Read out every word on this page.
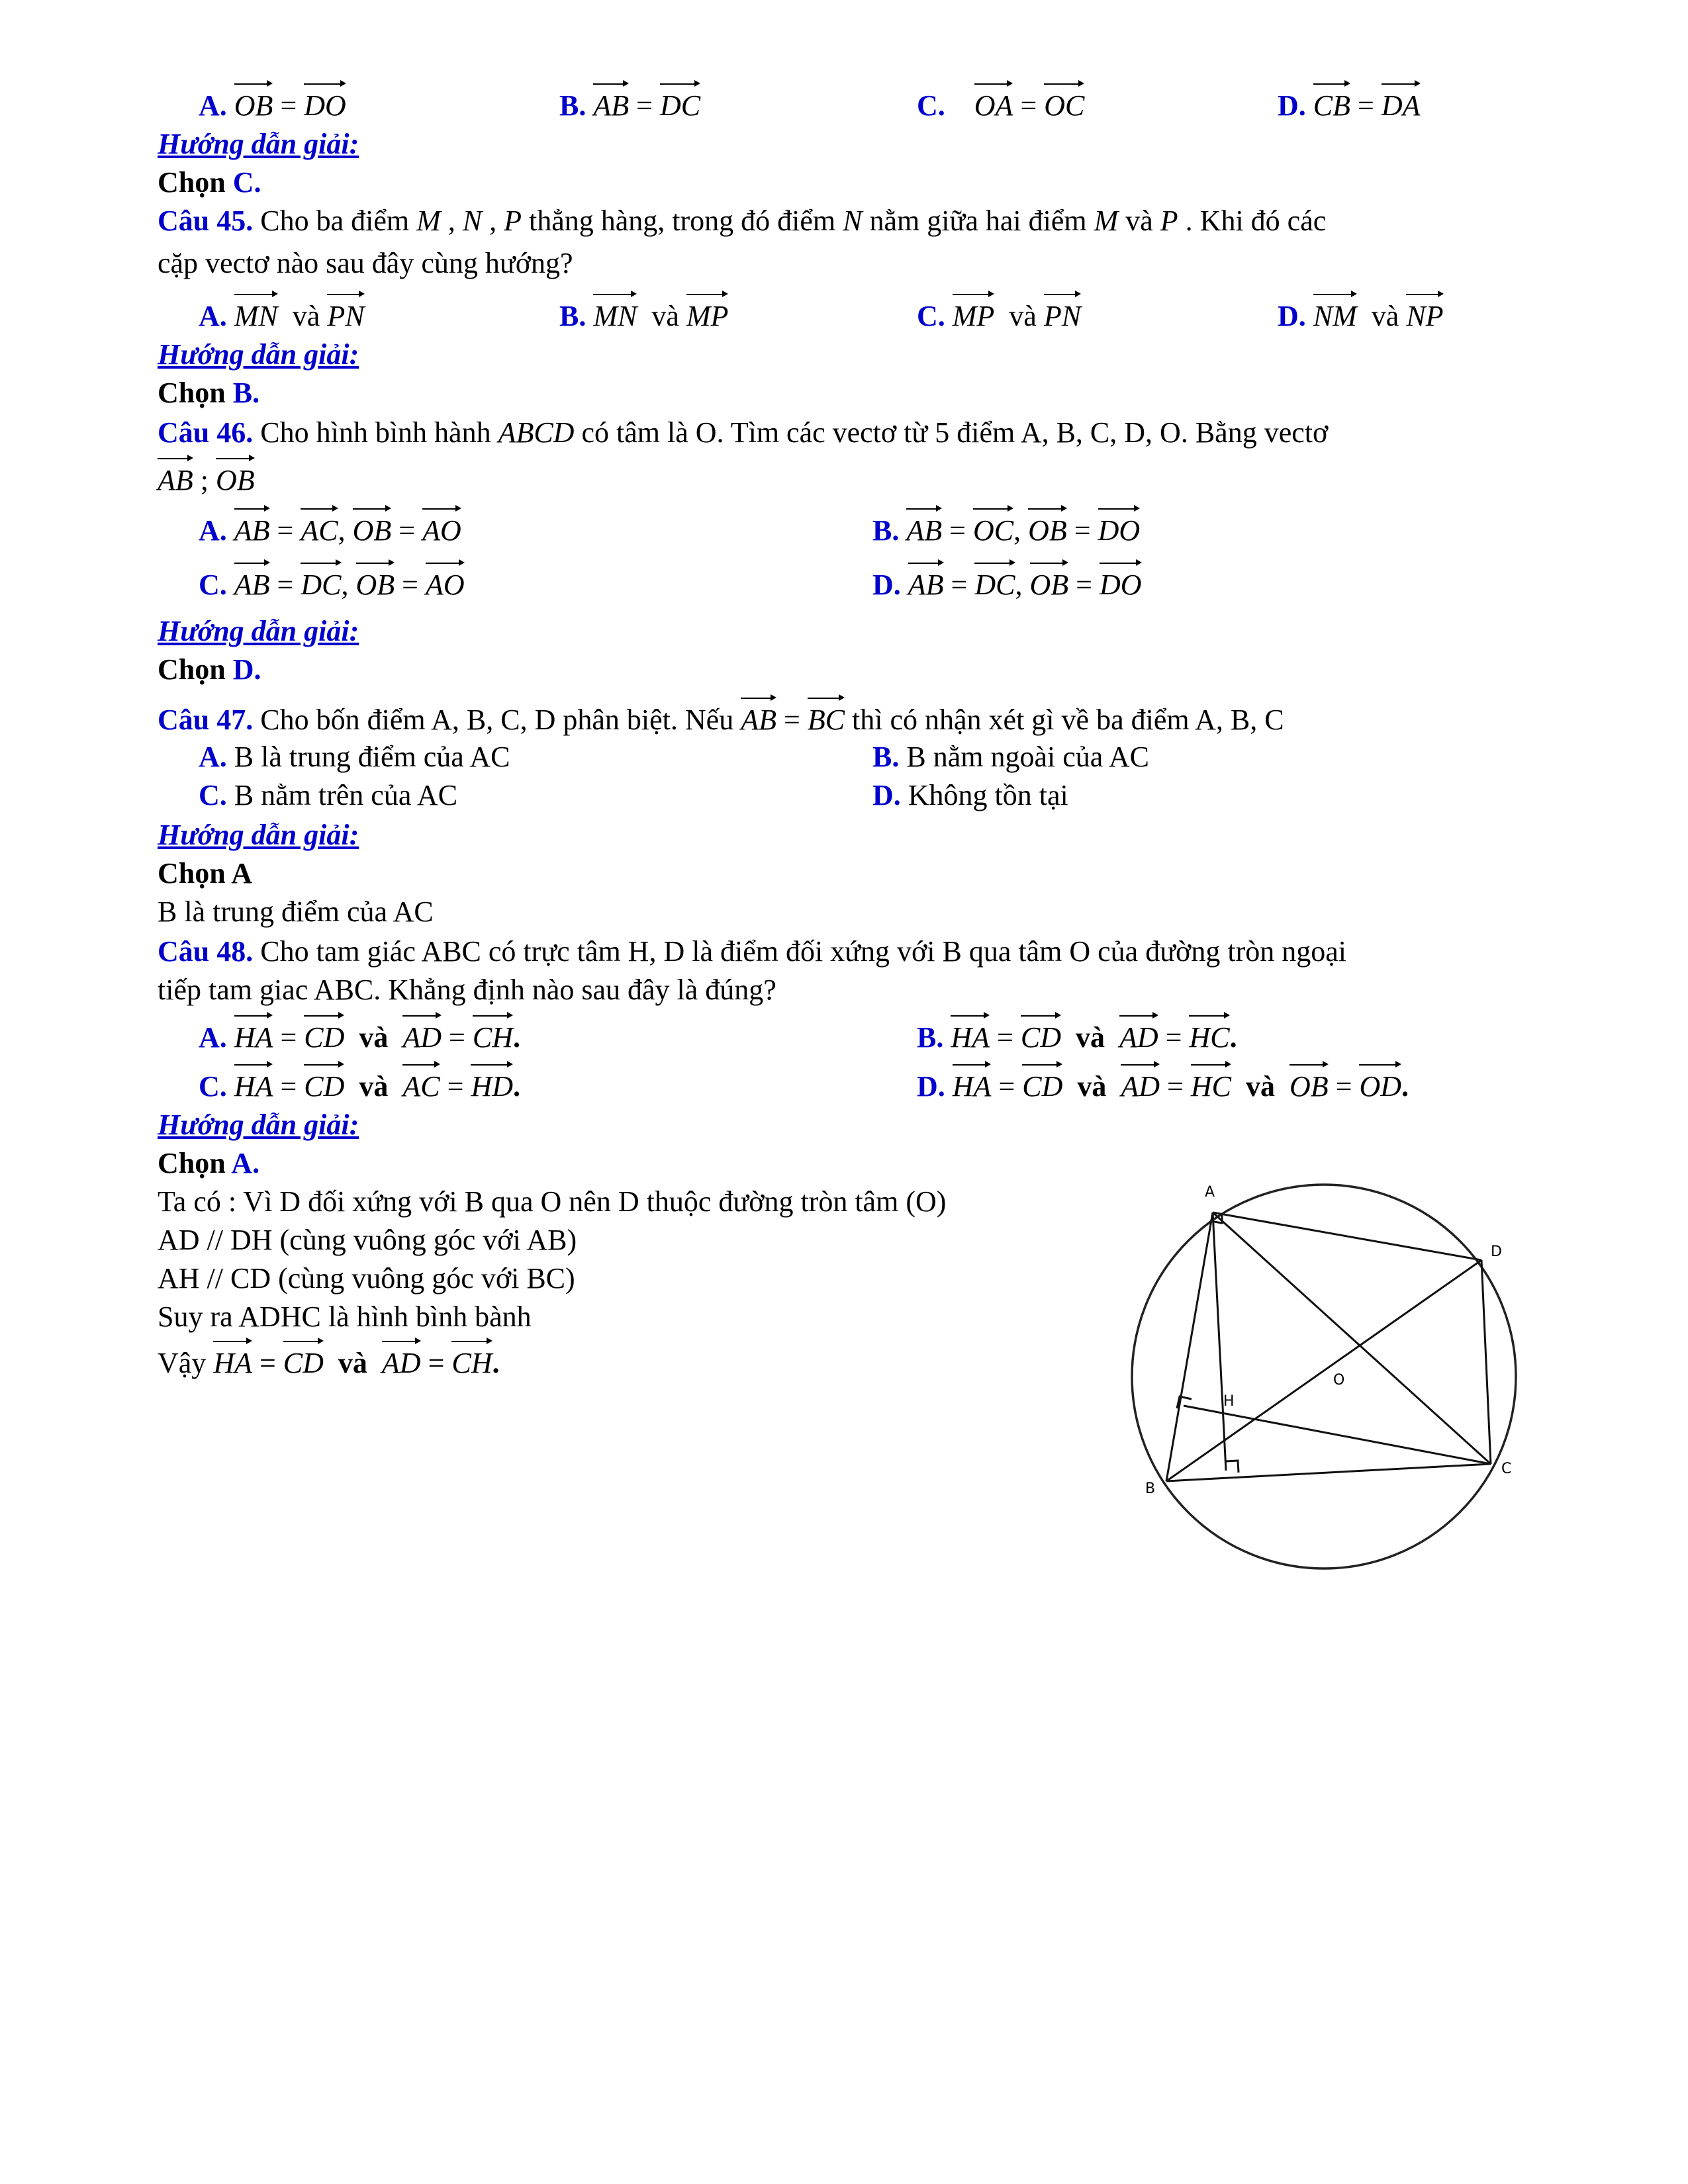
A. OB = DO	B. AB = DC	C. OA = OC	D. CB = DA
Hướng dẫn giải:
Chọn C.
Câu 45. Cho ba điểm M , N , P thẳng hàng, trong đó điểm N nằm giữa hai điểm M và P . Khi đó các
cặp vectơ nào sau đây cùng hướng?
A. MN và PN	B. MN và MP	C. MP và PN	D. NM và NP
Hướng dẫn giải:
Chọn B.
Câu 46. Cho hình bình hành ABCD có tâm là O. Tìm các vectơ từ 5 điểm A, B, C, D, O. Bằng vectơ
AB ; OB
A. AB = AC, OB = AO	B. AB = OC, OB = DO
C. AB = DC, OB = AO	D. AB = DC, OB = DO
Hướng dẫn giải:
Chọn D.
Câu 47. Cho bốn điểm A, B, C, D phân biệt. Nếu AB = BC thì có nhận xét gì về ba điểm A, B, C
A. B là trung điểm của AC	B. B nằm ngoài của AC
C. B nằm trên của AC	D. Không tồn tại
Hướng dẫn giải:
Chọn A
B là trung điểm của AC
Câu 48. Cho tam giác ABC có trực tâm H, D là điểm đối xứng với B qua tâm O của đường tròn ngoại
tiếp tam giac ABC. Khẳng định nào sau đây là đúng?
A. HA = CD và AD = CH.	B. HA = CD và AD = HC.
C. HA = CD và AC = HD.	D. HA = CD và AD = HC và OB = OD.
Hướng dẫn giải:
Chọn A.
Ta có : Vì D đối xứng với B qua O nên D thuộc đường tròn tâm (O)
AD // DH (cùng vuông góc với AB)
AH // CD (cùng vuông góc với BC)
Suy ra ADHC là hình bình bành
Vậy HA = CD và AD = CH.
A
D
O
H
C
B
